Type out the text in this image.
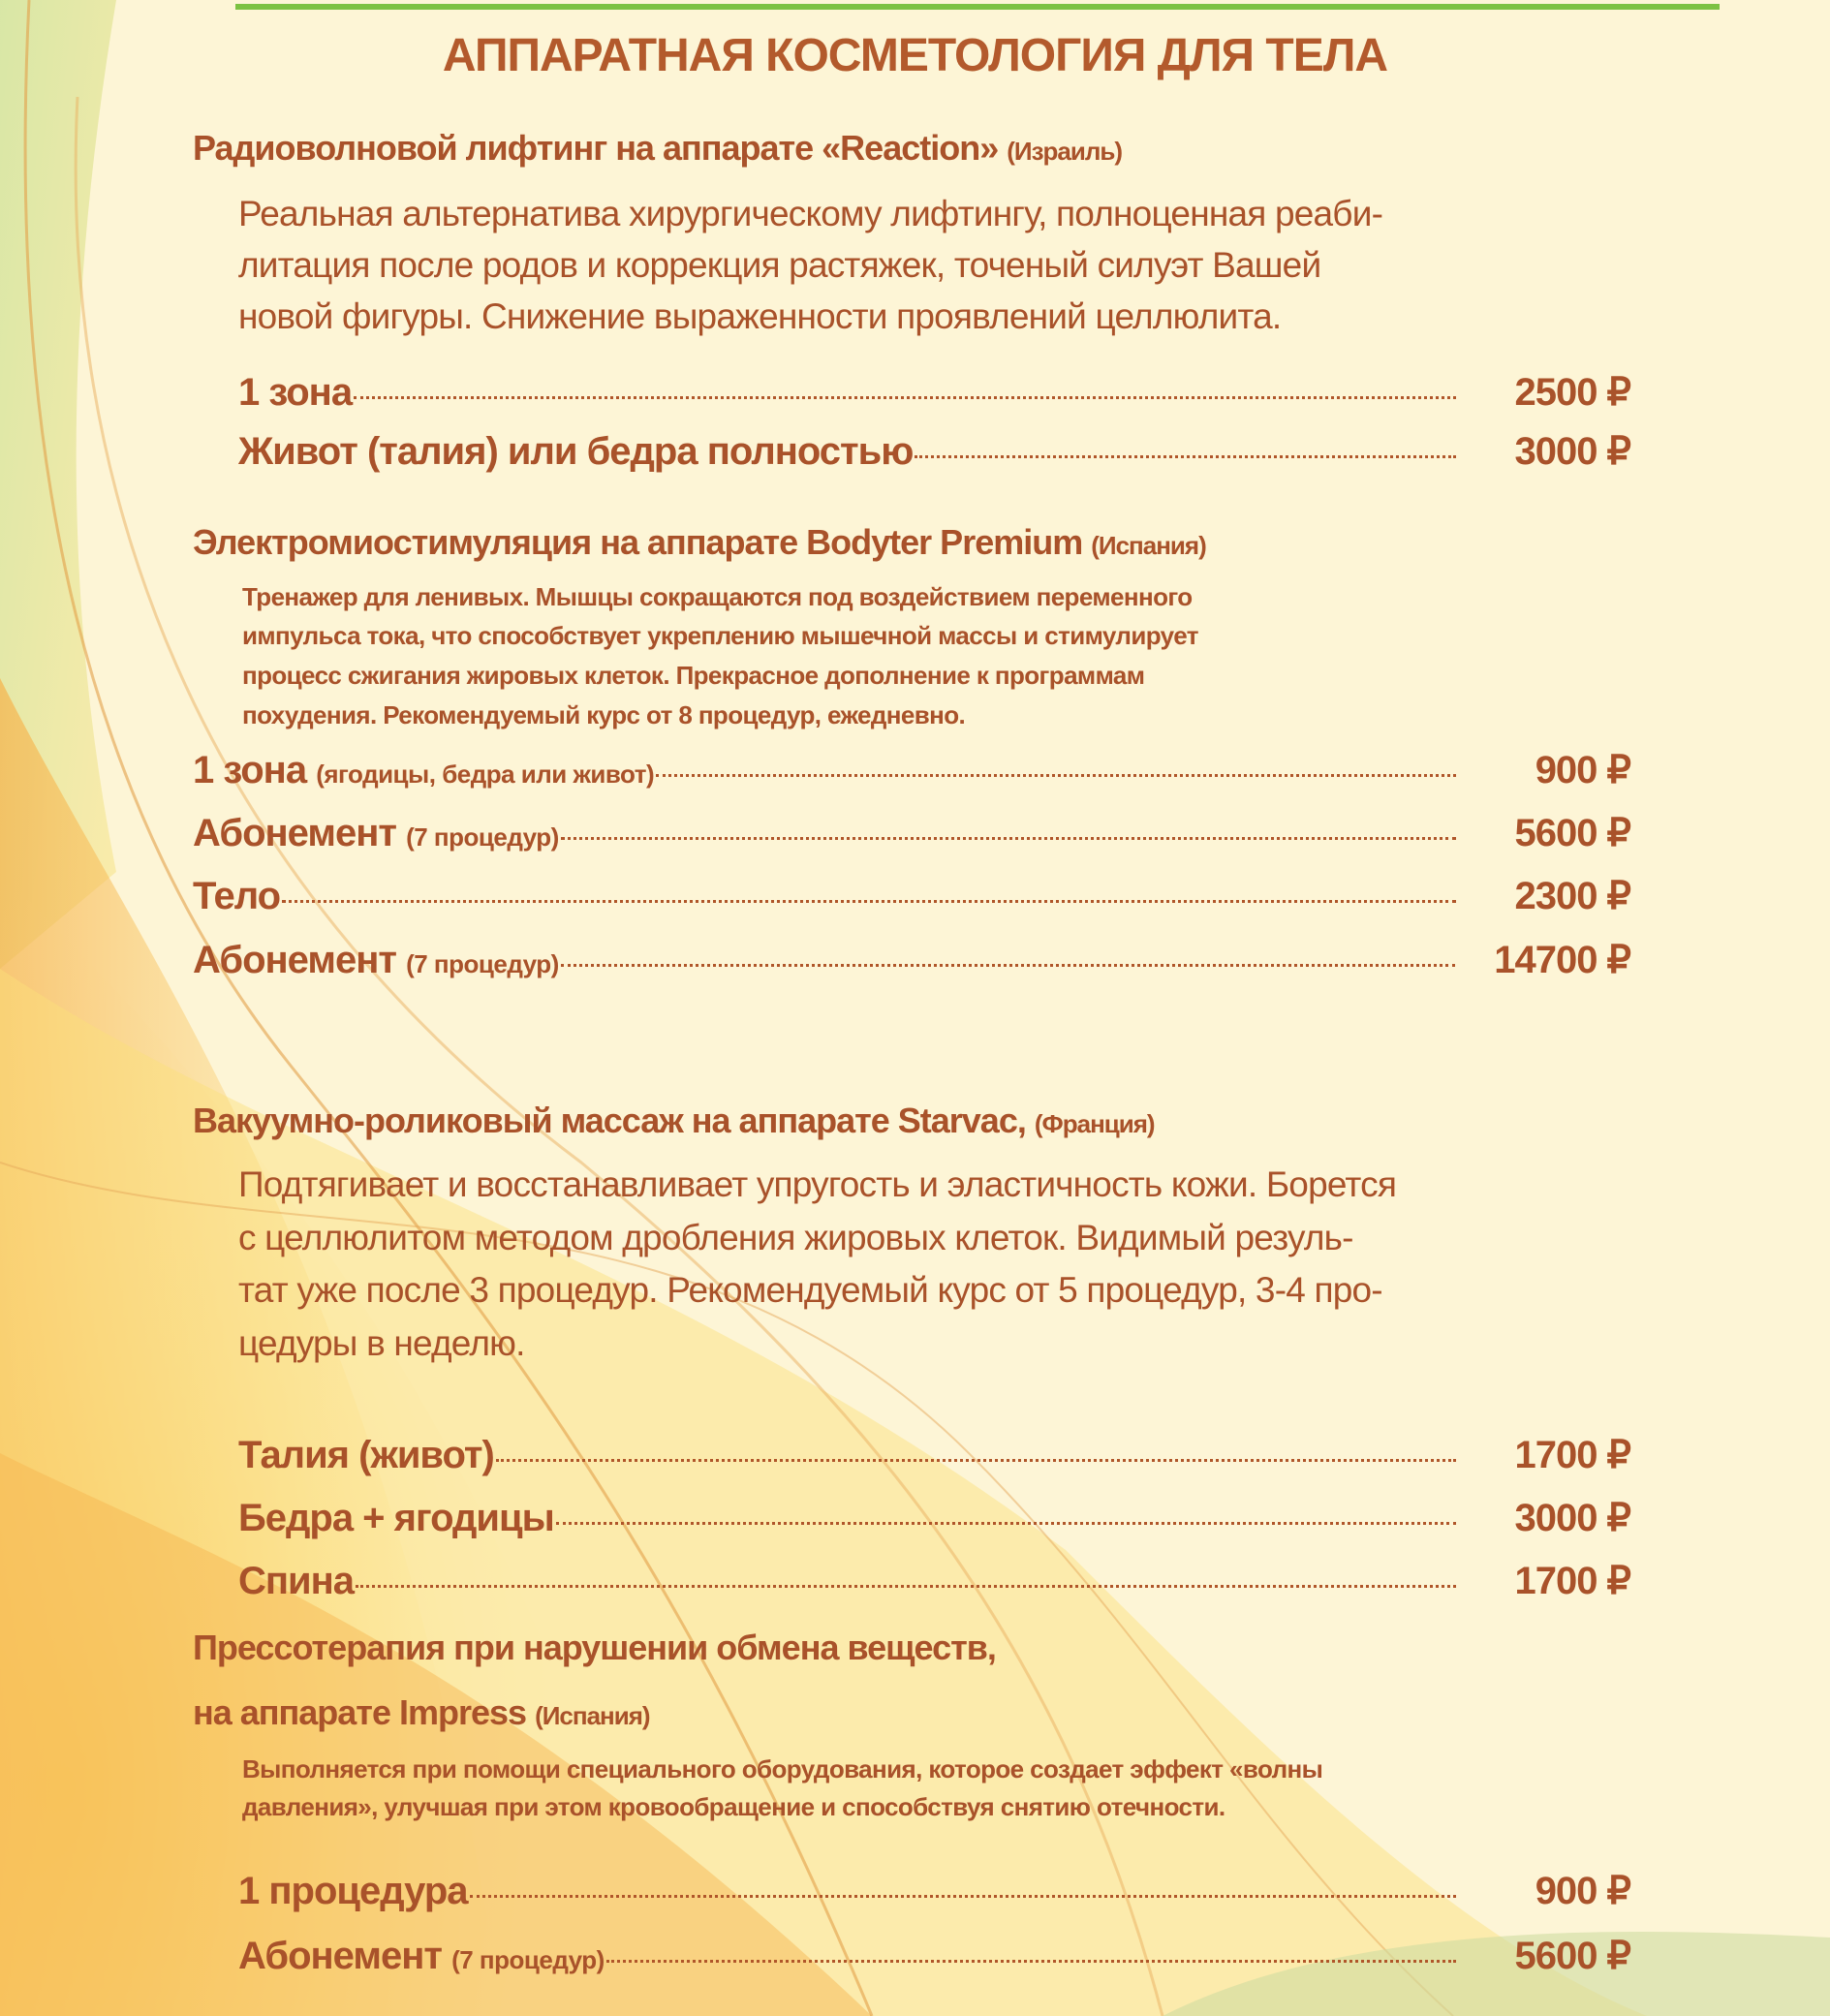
АППАРАТНАЯ КОСМЕТОЛОГИЯ ДЛЯ ТЕЛА
Радиоволновой лифтинг на аппарате «Reaction» (Израиль)
Реальная альтернатива хирургическому лифтингу, полноценная реаби-
литация после родов и коррекция растяжек, точеный силуэт Вашей
новой фигуры. Снижение выраженности проявлений целлюлита.
1 зона	2500 ₽
Живот (талия) или бедра полностью	3000 ₽
Электромиостимуляция на аппарате Bodyter Premium (Испания)
Тренажер для ленивых. Мышцы сокращаются под воздействием переменного
импульса тока, что способствует укреплению мышечной массы и стимулирует
процесс сжигания жировых клеток. Прекрасное дополнение к программам
похудения. Рекомендуемый курс от 8 процедур, ежедневно.
1 зона (ягодицы, бедра или живот)	900 ₽
Абонемент (7 процедур)	5600 ₽
Тело	2300 ₽
Абонемент (7 процедур)	14700 ₽
Вакуумно-роликовый массаж на аппарате Starvac, (Франция)
Подтягивает и восстанавливает упругость и эластичность кожи. Борется
с целлюлитом методом дробления жировых клеток. Видимый резуль-
тат уже после 3 процедур. Рекомендуемый курс от 5 процедур, 3-4 про-
цедуры в неделю.
Талия (живот)	1700 ₽
Бедра + ягодицы	3000 ₽
Спина	1700 ₽
Прессотерапия при нарушении обмена веществ,
на аппарате Impress (Испания)
Выполняется при помощи специального оборудования, которое создает эффект «волны
давления», улучшая при этом кровообращение и способствуя снятию отечности.
1 процедура	900 ₽
Абонемент (7 процедур)	5600 ₽
